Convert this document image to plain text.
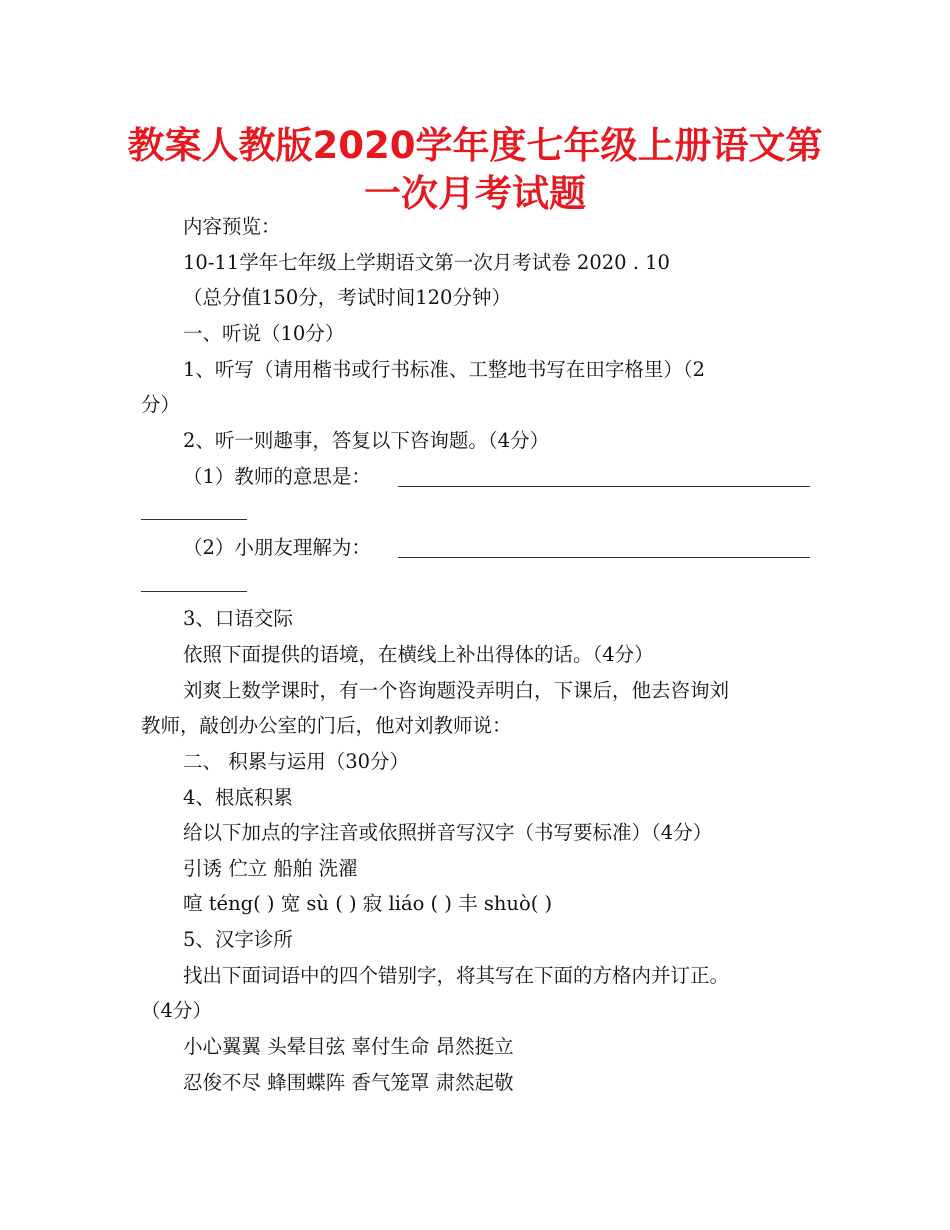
教案人教版2020学年度七年级上册语文第
一次月考试题
内容预览：
10-11学年七年级上学期语文第一次月考试卷 2020 . 10
（总分值150分，考试时间120分钟）
一、听说（10分）
1、听写（请用楷书或行书标准、工整地书写在田字格里）（2
分）
2、听一则趣事，答复以下咨询题。（4分）
（1）教师的意思是：
（2）小朋友理解为：
3、口语交际
依照下面提供的语境，在横线上补出得体的话。（4分）
刘爽上数学课时，有一个咨询题没弄明白，下课后，他去咨询刘
教师，敲创办公室的门后，他对刘教师说：
二、 积累与运用（30分）
4、根底积累
给以下加点的字注音或依照拼音写汉字（书写要标准）（4分）
引诱 伫立 船舶 洗濯
喧 téng( ) 宽 sù ( ) 寂 liáo ( ) 丰 shuò( )
5、汉字诊所
找出下面词语中的四个错别字，将其写在下面的方格内并订正。
（4分）
小心翼翼 头晕目弦 辜付生命 昂然挺立
忍俊不尽 蜂围蝶阵 香气笼罩 肃然起敬
